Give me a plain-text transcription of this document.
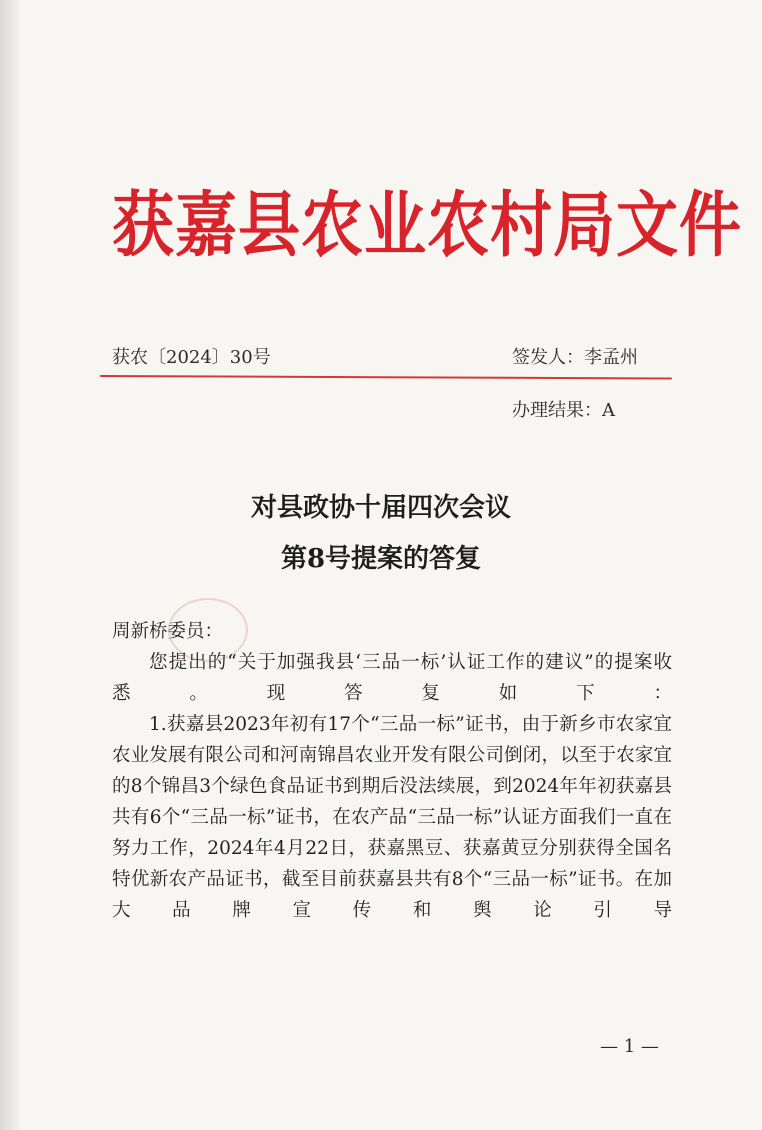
获嘉县农业农村局文件
获农〔2024〕30号	签发人：李孟州
办理结果：A
对县政协十届四次会议
第8号提案的答复

周新桥委员：

您提出的“关于加强我县‘三品一标’认证工作的建议”的提案收悉。现答复如下：

1.获嘉县2023年初有17个“三品一标”证书，由于新乡市农家宜农业发展有限公司和河南锦昌农业开发有限公司倒闭，以至于农家宜的8个锦昌3个绿色食品证书到期后没法续展，到2024年年初获嘉县共有6个“三品一标”证书，在农产品“三品一标”认证方面我们一直在努力工作，2024年4月22日，获嘉黑豆、获嘉黄豆分别获得全国名特优新农产品证书，截至目前获嘉县共有8个“三品一标”证书。在加大品牌宣传和舆论引导

— 1 —
